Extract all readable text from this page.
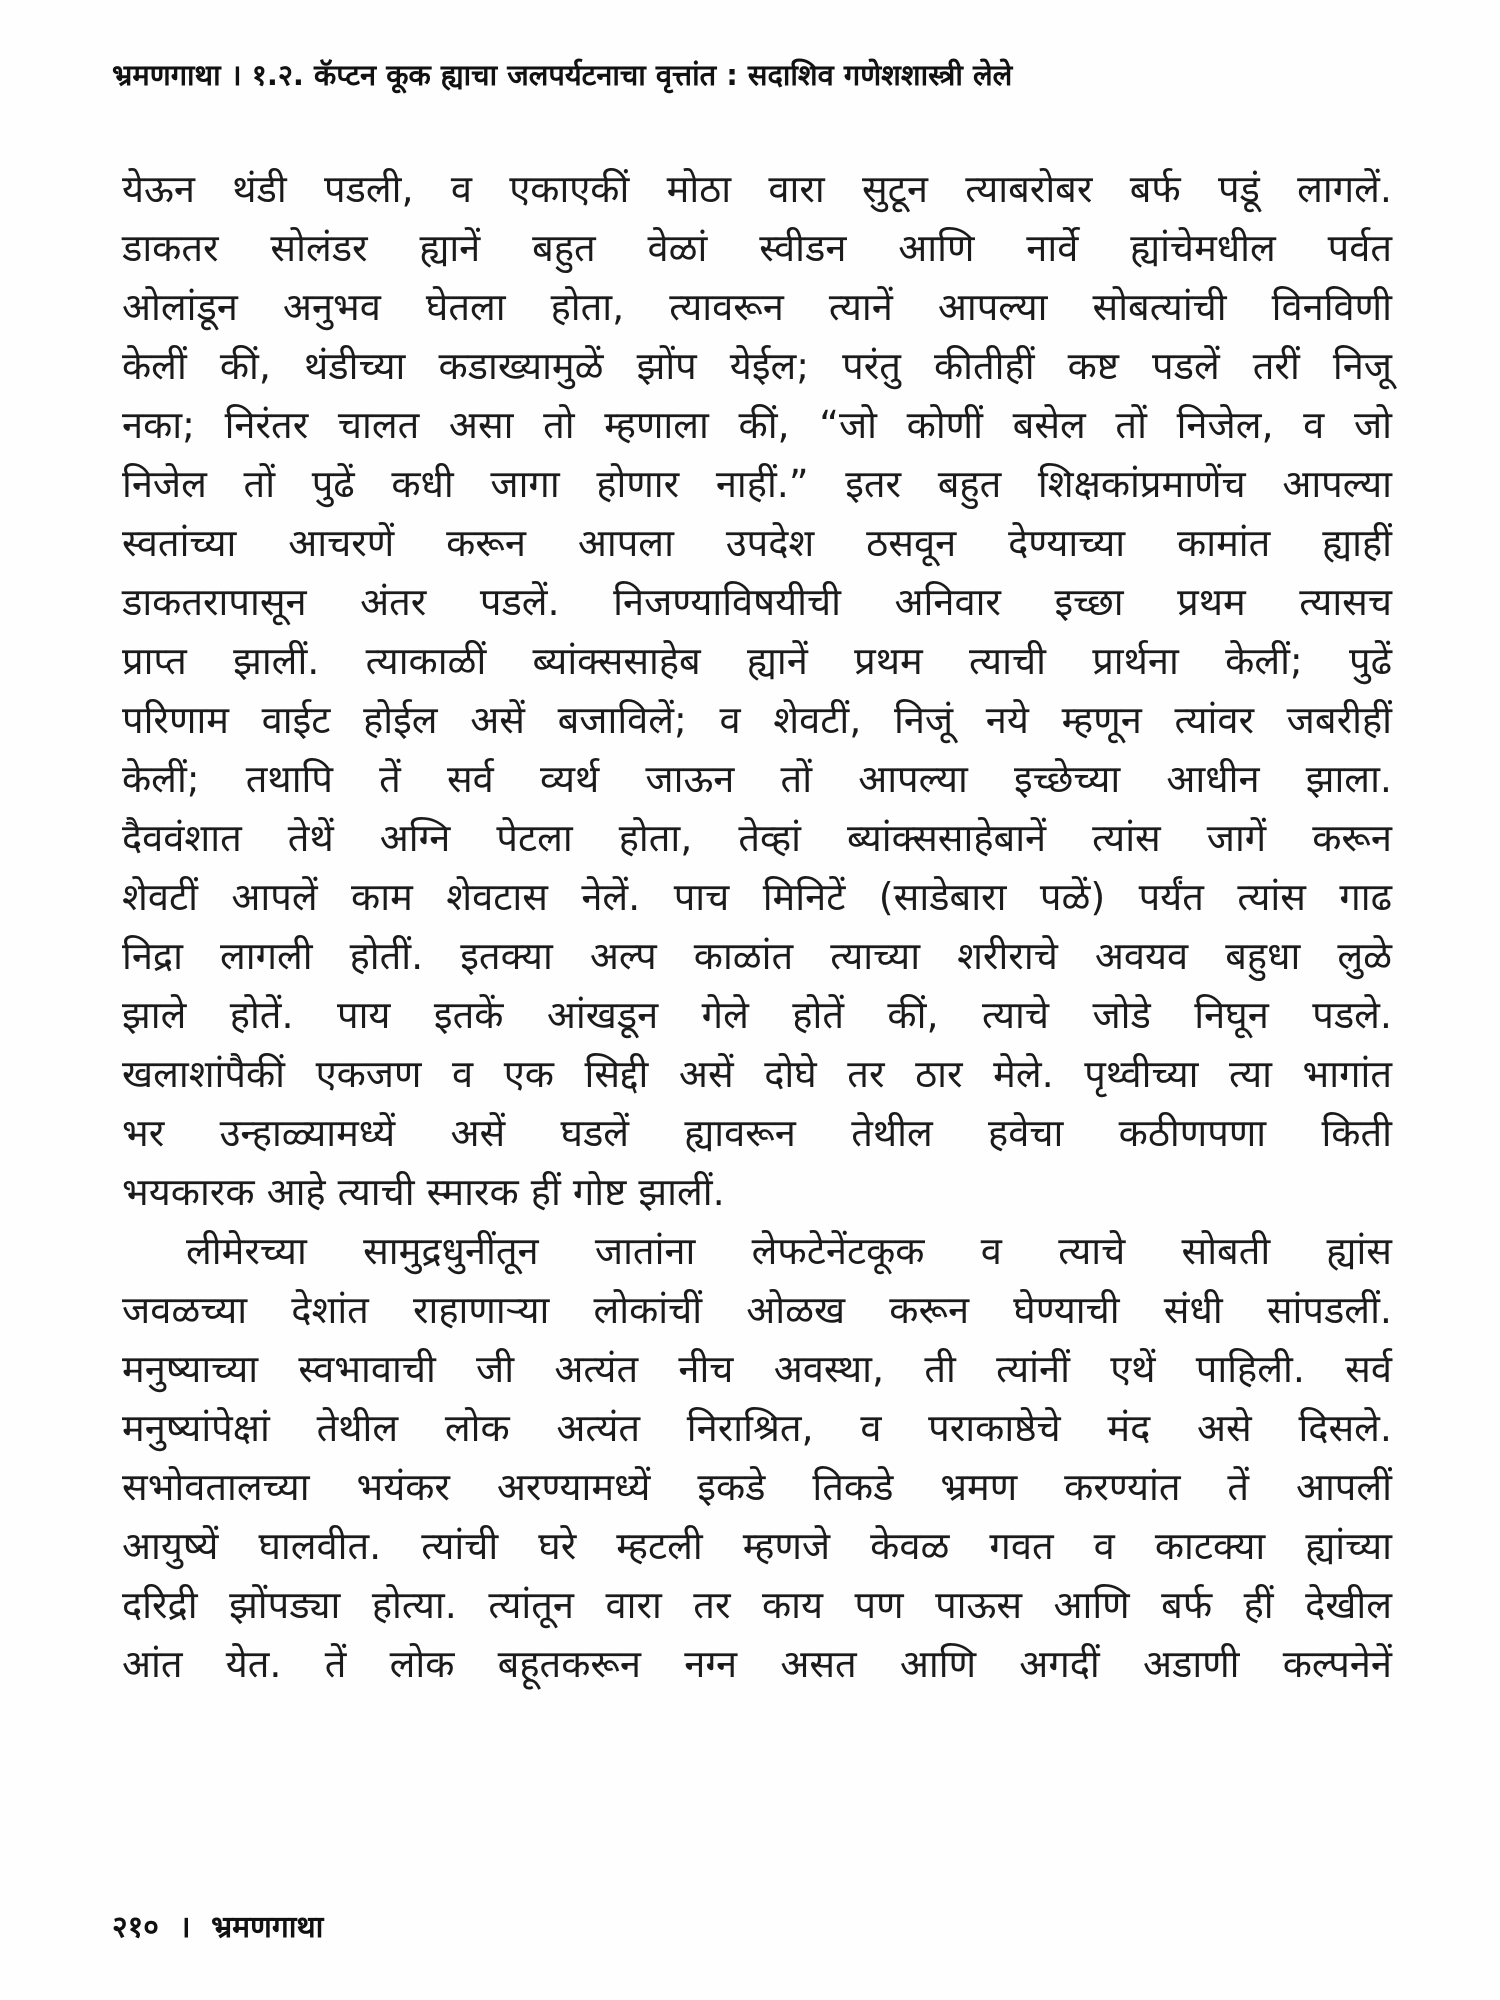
भ्रमणगाथा । १.२. कॅप्टन कूक ह्याचा जलपर्यटनाचा वृत्तांत : सदाशिव गणेशशास्त्री लेले
येऊन थंडी पडली, व एकाएकीं मोठा वारा सुटून त्याबरोबर बर्फ पडूं लागलें.
डाकतर सोलंडर ह्यानें बहुत वेळां स्वीडन आणि नार्वे ह्यांचेमधील पर्वत
ओलांडून अनुभव घेतला होता, त्यावरून त्यानें आपल्या सोबत्यांची विनविणी
केलीं कीं, थंडीच्या कडाख्यामुळें झोंप येईल; परंतु कीतीहीं कष्ट पडलें तरीं निजू
नका; निरंतर चालत असा तो म्हणाला कीं, “जो कोणीं बसेल तों निजेल, व जो
निजेल तों पुढें कधी जागा होणार नाहीं.” इतर बहुत शिक्षकांप्रमाणेंच आपल्या
स्वतांच्या आचरणें करून आपला उपदेश ठसवून देण्याच्या कामांत ह्याहीं
डाकतरापासून अंतर पडलें. निजण्याविषयीची अनिवार इच्छा प्रथम त्यासच
प्राप्त झालीं. त्याकाळीं ब्यांक्ससाहेब ह्यानें प्रथम त्याची प्रार्थना केलीं; पुढें
परिणाम वाईट होईल असें बजाविलें; व शेवटीं, निजूं नये म्हणून त्यांवर जबरीहीं
केलीं; तथापि तें सर्व व्यर्थ जाऊन तों आपल्या इच्छेच्या आधीन झाला.
दैववंशात तेथें अग्नि पेटला होता, तेव्हां ब्यांक्ससाहेबानें त्यांस जागें करून
शेवटीं आपलें काम शेवटास नेलें. पाच मिनिटें (साडेबारा पळें) पर्यंत त्यांस गाढ
निद्रा लागली होतीं. इतक्या अल्प काळांत त्याच्या शरीराचे अवयव बहुधा लुळे
झाले होतें. पाय इतकें आंखडून गेले होतें कीं, त्याचे जोडे निघून पडले.
खलाशांपैकीं एकजण व एक सिद्दी असें दोघे तर ठार मेले. पृथ्वीच्या त्या भागांत
भर उन्हाळ्यामध्यें असें घडलें ह्यावरून तेथील हवेचा कठीणपणा किती
भयकारक आहे त्याची स्मारक हीं गोष्ट झालीं.
लीमेरच्या सामुद्रधुनींतून जातांना लेफटेनेंटकूक व त्याचे सोबती ह्यांस
जवळच्या देशांत राहाणाऱ्या लोकांचीं ओळख करून घेण्याची संधी सांपडलीं.
मनुष्याच्या स्वभावाची जी अत्यंत नीच अवस्था, ती त्यांनीं एथें पाहिली. सर्व
मनुष्यांपेक्षां तेथील लोक अत्यंत निराश्रित, व पराकाष्ठेचे मंद असे दिसले.
सभोवतालच्या भयंकर अरण्यामध्यें इकडे तिकडे भ्रमण करण्यांत तें आपलीं
आयुष्यें घालवीत. त्यांची घरे म्हटली म्हणजे केवळ गवत व काटक्या ह्यांच्या
दरिद्री झोंपड्या होत्या. त्यांतून वारा तर काय पण पाऊस आणि बर्फ हीं देखील
आंत येत. तें लोक बहूतकरून नग्न असत आणि अगदीं अडाणी कल्पनेनें
२१० । भ्रमणगाथा
